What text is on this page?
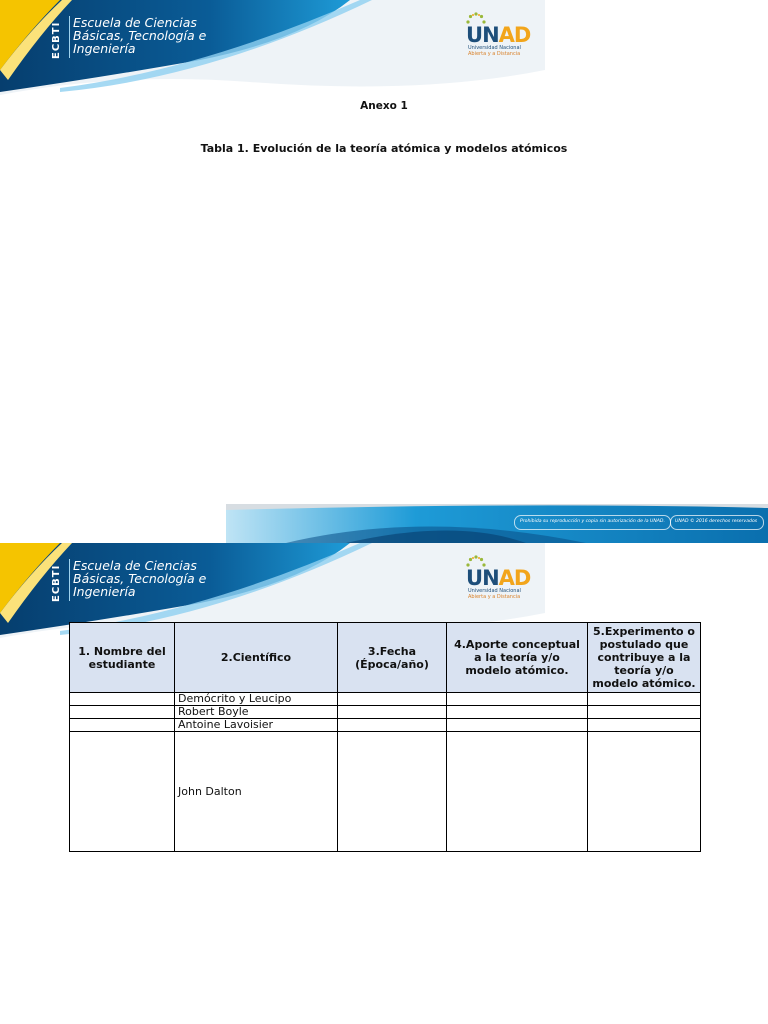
ECBTI Escuela de Ciencias
Básicas, Tecnología e
Ingeniería
UNAD
Universidad Nacional
Abierta y a Distancia
Anexo 1
Tabla 1. Evolución de la teoría atómica y modelos atómicos
Prohibida su reproducción y copia sin autorización de la UNAD. UNAD © 2016 derechos reservados
ECBTI Escuela de Ciencias
Básicas, Tecnología e
Ingeniería
UNAD
Universidad Nacional
Abierta y a Distancia
1. Nombre del estudiante	2.Científico	3.Fecha (Época/año)	4.Aporte conceptual a la teoría y/o modelo atómico.	5.Experimento o postulado que contribuye a la teoría y/o modelo atómico.
	Demócrito y Leucipo			
	Robert Boyle			
	Antoine Lavoisier			
	John Dalton			
